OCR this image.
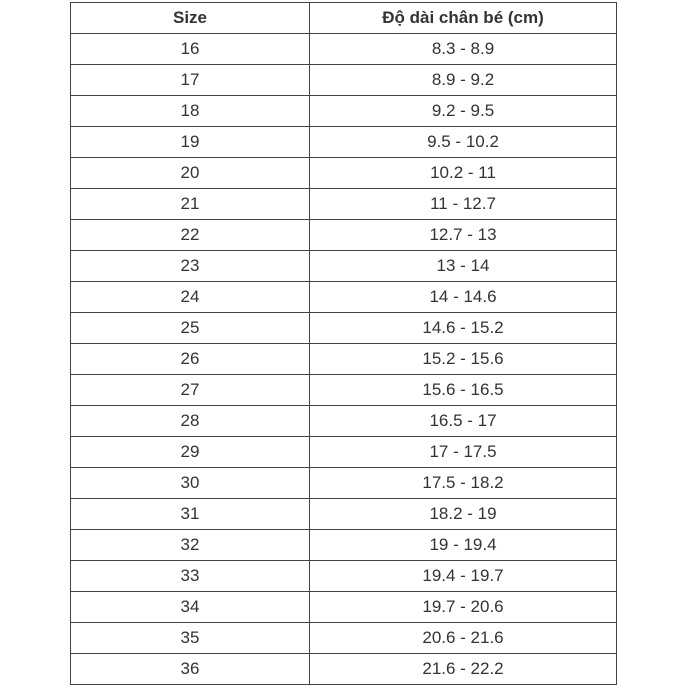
Size	Độ dài chân bé (cm)
16	8.3 - 8.9
17	8.9 - 9.2
18	9.2 - 9.5
19	9.5 - 10.2
20	10.2 - 11
21	11 - 12.7
22	12.7 - 13
23	13 - 14
24	14 - 14.6
25	14.6 - 15.2
26	15.2 - 15.6
27	15.6 - 16.5
28	16.5 - 17
29	17 - 17.5
30	17.5 - 18.2
31	18.2 - 19
32	19 - 19.4
33	19.4 - 19.7
34	19.7 - 20.6
35	20.6 - 21.6
36	21.6 - 22.2
